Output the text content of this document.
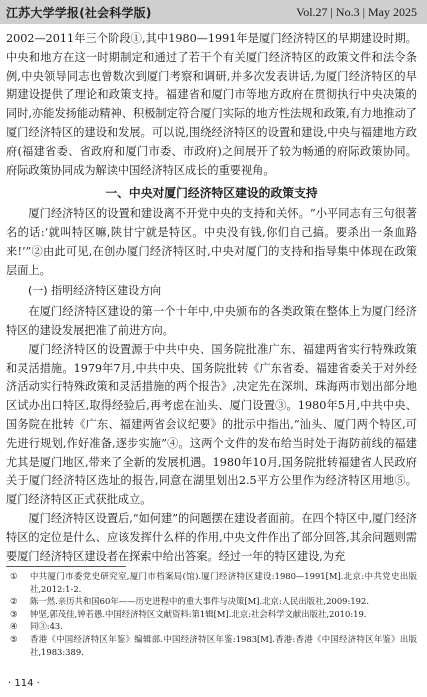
江苏大学学报(社会科学版)	Vol.27 | No.3 | May 2025

2002—2011年三个阶段①,其中1980—1991年是厦门经济特区的早期建设时期。中央和地方在这一时期制定和通过了若干个有关厦门经济特区的政策文件和法令条例,中央领导同志也曾数次到厦门考察和调研,并多次发表讲话,为厦门经济特区的早期建设提供了理论和政策支持。福建省和厦门市等地方政府在贯彻执行中央决策的同时,亦能发扬能动精神、积极制定符合厦门实际的地方性法规和政策,有力地推动了厦门经济特区的建设和发展。可以说,围绕经济特区的设置和建设,中央与福建地方政府(福建省委、省政府和厦门市委、市政府)之间展开了较为畅通的府际政策协同。府际政策协同成为解读中国经济特区成长的重要视角。

一、中央对厦门经济特区建设的政策支持

厦门经济特区的设置和建设离不开党中央的支持和关怀。“小平同志有三句很著名的话:‘就叫特区嘛,陕甘宁就是特区。中央没有钱,你们自己搞。要杀出一条血路来!’”②由此可见,在创办厦门经济特区时,中央对厦门的支持和指导集中体现在政策层面上。

(一) 指明经济特区建设方向

在厦门经济特区建设的第一个十年中,中央颁布的各类政策在整体上为厦门经济特区的建设发展把准了前进方向。

厦门经济特区的设置源于中共中央、国务院批准广东、福建两省实行特殊政策和灵活措施。1979年7月,中共中央、国务院批转《广东省委、福建省委关于对外经济活动实行特殊政策和灵活措施的两个报告》,决定先在深圳、珠海两市划出部分地区试办出口特区,取得经验后,再考虑在汕头、厦门设置③。1980年5月,中共中央、国务院在批转《广东、福建两省会议纪要》的批示中指出,“汕头、厦门两个特区,可先进行规划,作好准备,逐步实施”④。这两个文件的发布给当时处于海防前线的福建尤其是厦门地区,带来了全新的发展机遇。1980年10月,国务院批转福建省人民政府关于厦门经济特区选址的报告,同意在湖里划出2.5平方公里作为经济特区用地⑤。厦门经济特区正式获批成立。

厦门经济特区设置后,“如何建”的问题摆在建设者面前。在四个特区中,厦门经济特区的定位是什么、应该发挥什么样的作用,中央文件作出了部分回答,其余问题则需要厦门经济特区建设者在探索中给出答案。经过一年的特区建设,为充

①	中共厦门市委党史研究室,厦门市档案局(馆).厦门经济特区建设:1980—1991[M].北京:中共党史出版社,2012:1-2.
②	陈一然.亲历共和国60年——历史进程中的重大事件与决策[M].北京:人民出版社,2009:192.
③	钟坚,郭茂佳,钟若愚.中国经济特区文献资料:第1辑[M].北京:社会科学文献出版社,2010:19.
④	同③:43.
⑤	香港《中国经济特区年鉴》编辑部.中国经济特区年鉴:1983[M].香港:香港《中国经济特区年鉴》出版社,1983:389.
· 114 ·
